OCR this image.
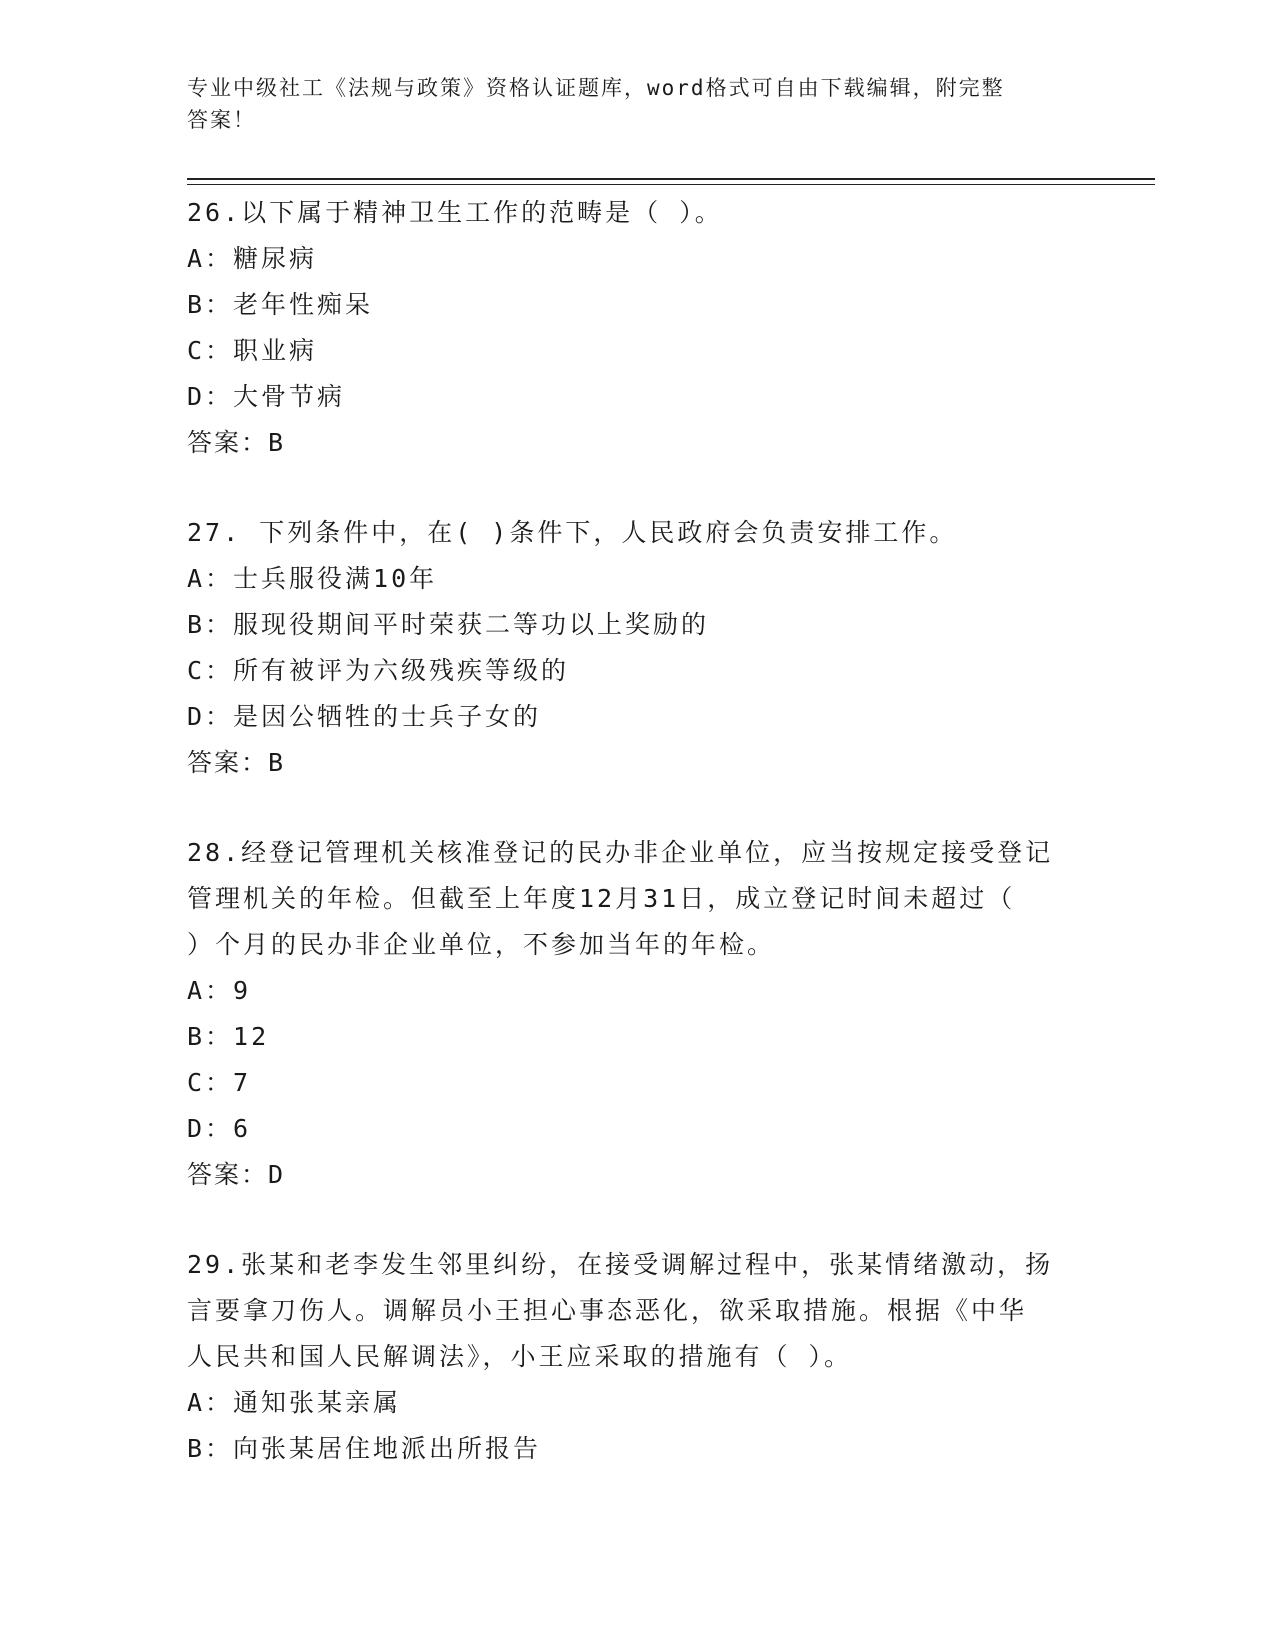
专业中级社工《法规与政策》资格认证题库，word格式可自由下载编辑，附完整
答案！

26.以下属于精神卫生工作的范畴是（ ）。

A：糖尿病

B：老年性痴呆

C：职业病

D：大骨节病

答案：B

27. 下列条件中，在( )条件下，人民政府会负责安排工作。

A：士兵服役满10年

B：服现役期间平时荣获二等功以上奖励的

C：所有被评为六级残疾等级的

D：是因公牺牲的士兵子女的

答案：B

28.经登记管理机关核准登记的民办非企业单位，应当按规定接受登记

管理机关的年检。但截至上年度12月31日，成立登记时间未超过（

）个月的民办非企业单位，不参加当年的年检。

A：9

B：12

C：7

D：6

答案：D

29.张某和老李发生邻里纠纷，在接受调解过程中，张某情绪激动，扬

言要拿刀伤人。调解员小王担心事态恶化，欲采取措施。根据《中华

人民共和国人民解调法》，小王应采取的措施有（ ）。

A：通知张某亲属

B：向张某居住地派出所报告
